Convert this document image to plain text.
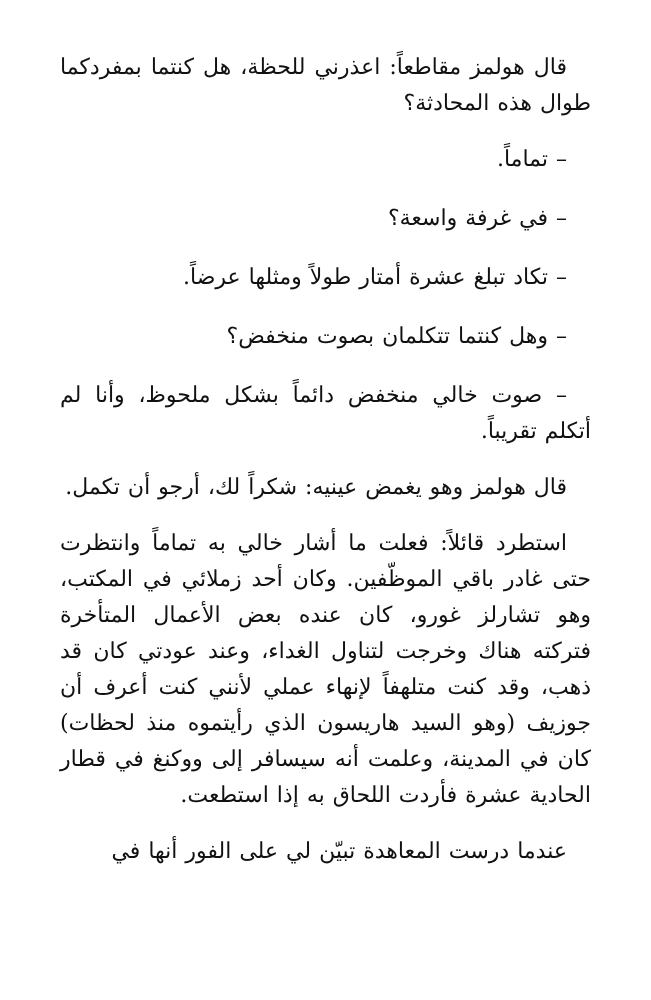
قال هولمز مقاطعاً: اعذرني للحظة، هل كنتما بمفردكما طوال هذه المحادثة؟

– تماماً.

– في غرفة واسعة؟

– تكاد تبلغ عشرة أمتار طولاً ومثلها عرضاً.

– وهل كنتما تتكلمان بصوت منخفض؟

– صوت خالي منخفض دائماً بشكل ملحوظ، وأنا لم أتكلم تقريباً.

قال هولمز وهو يغمض عينيه: شكراً لك، أرجو أن تكمل.

استطرد قائلاً: فعلت ما أشار خالي به تماماً وانتظرت حتى غادر باقي الموظّفين. وكان أحد زملائي في المكتب، وهو تشارلز غورو، كان عنده بعض الأعمال المتأخرة فتركته هناك وخرجت لتناول الغداء، وعند عودتي كان قد ذهب، وقد كنت متلهفاً لإنهاء عملي لأنني كنت أعرف أن جوزيف (وهو السيد هاريسون الذي رأيتموه منذ لحظات) كان في المدينة، وعلمت أنه سيسافر إلى ووكنغ في قطار الحادية عشرة فأردت اللحاق به إذا استطعت.

عندما درست المعاهدة تبيّن لي على الفور أنها في
